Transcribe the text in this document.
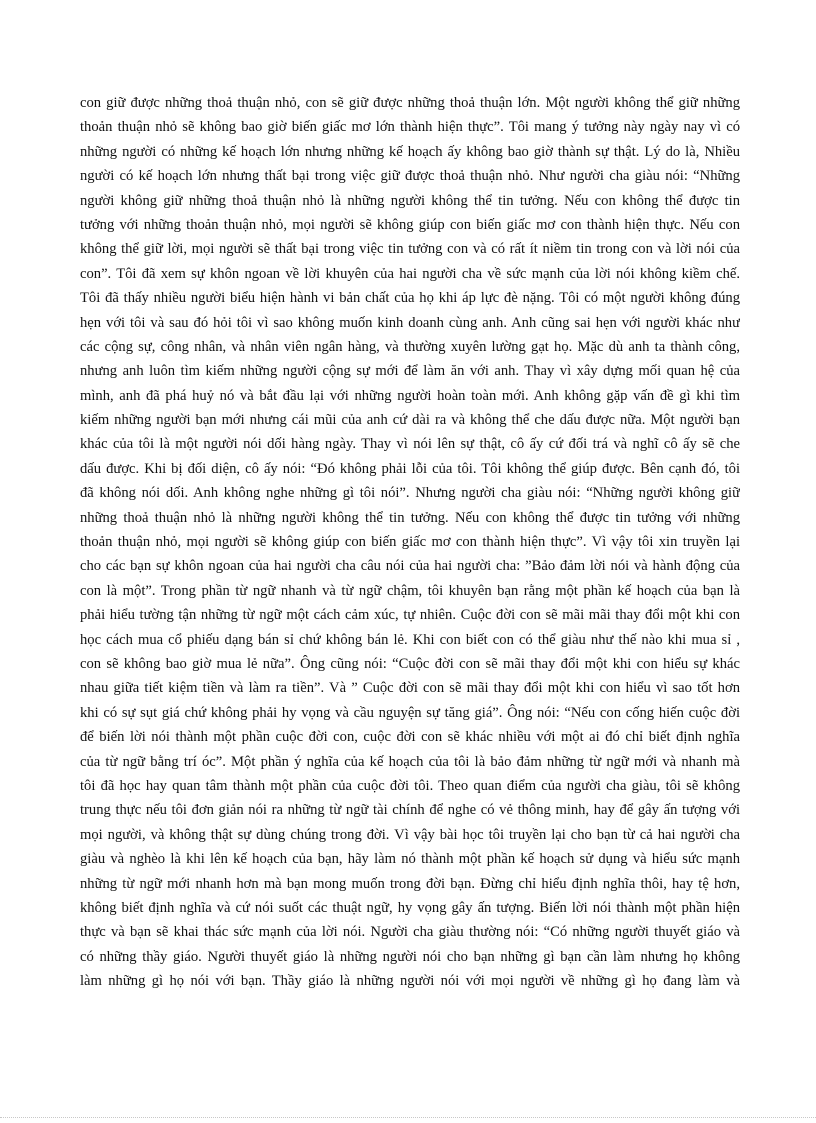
con giữ được những thoả thuận nhỏ, con sẽ giữ được những thoả thuận lớn. Một người không thể giữ những
thoản thuận nhỏ sẽ không bao giờ biến giấc mơ lớn thành hiện thực”. Tôi mang ý tưởng này ngày nay vì có
những người có những kế hoạch lớn nhưng những kế hoạch ấy không bao giờ thành sự thật. Lý do là, Nhiều
người có kế hoạch lớn nhưng thất bại trong việc giữ được thoả thuận nhỏ. Như người cha giàu nói: “Những
người không giữ những thoả thuận nhỏ là những người không thể tin tưởng. Nếu con không thể được tin
tưởng với những thoản thuận nhỏ, mọi người sẽ không giúp con biến giấc mơ con thành hiện thực. Nếu con
không thể giữ lời, mọi người sẽ thất bại trong việc tin tưởng con và có rất ít niềm tin trong con và lời nói của
con”. Tôi đã xem sự khôn ngoan về lời khuyên của hai người cha về sức mạnh của lời nói không kiềm chế.
Tôi đã thấy nhiều người biểu hiện hành vi bản chất của họ khi áp lực đè nặng. Tôi có một người không đúng
hẹn với tôi và sau đó hỏi tôi vì sao không muốn kinh doanh cùng anh. Anh cũng sai hẹn với người khác như
các cộng sự, công nhân, và nhân viên ngân hàng, và thường xuyên lường gạt họ. Mặc dù anh ta thành công,
nhưng anh luôn tìm kiếm những người cộng sự mới để làm ăn với anh. Thay vì xây dựng mối quan hệ của
mình, anh đã phá huỷ nó và bắt đầu lại với những người hoàn toàn mới. Anh không gặp vấn đề gì khi tìm
kiếm những người bạn mới nhưng cái mũi của anh cứ dài ra và không thể che dấu được nữa. Một người bạn
khác của tôi là một người nói dối hàng ngày. Thay vì nói lên sự thật, cô ấy cứ đối trá và nghĩ cô ấy sẽ che
dấu được. Khi bị đối diện, cô ấy nói: “Đó không phải lỗi của tôi. Tôi không thể giúp được. Bên cạnh đó, tôi
đã không nói dối. Anh không nghe những gì tôi nói”. Nhưng người cha giàu nói: “Những người không giữ
những thoả thuận nhỏ là những người không thể tin tưởng. Nếu con không thể được tin tưởng với những
thoản thuận nhỏ, mọi người sẽ không giúp con biến giấc mơ con thành hiện thực”. Vì vậy tôi xin truyền lại
cho các bạn sự khôn ngoan của hai người cha câu nói của hai người cha: ”Bảo đảm lời nói và hành động của
con là một”. Trong phần từ ngữ nhanh và từ ngữ chậm, tôi khuyên bạn rằng một phần kế hoạch của bạn là
phải hiểu tường tận những từ ngữ một cách cảm xúc, tự nhiên. Cuộc đời con sẽ mãi mãi thay đổi một khi con
học cách mua cổ phiếu dạng bán sỉ chứ không bán lẻ. Khi con biết con có thể giàu như thế nào khi mua sỉ ,
con sẽ không bao giờ mua lẻ nữa”. Ông cũng nói: “Cuộc đời con sẽ mãi thay đổi một khi con hiểu sự khác
nhau giữa tiết kiệm tiền và làm ra tiền”. Và ” Cuộc đời con sẽ mãi thay đổi một khi con hiểu vì sao tốt hơn
khi có sự sụt giá chứ không phải hy vọng và cầu nguyện sự tăng giá”. Ông nói: “Nếu con cống hiến cuộc đời
để biến lời nói thành một phần cuộc đời con, cuộc đời con sẽ khác nhiều với một ai đó chỉ biết định nghĩa
của từ ngữ bằng trí óc”. Một phần ý nghĩa của kế hoạch của tôi là bảo đảm những từ ngữ mới và nhanh mà
tôi đã học hay quan tâm thành một phần của cuộc đời tôi. Theo quan điểm của người cha giàu, tôi sẽ không
trung thực nếu tôi đơn giản nói ra những từ ngữ tài chính để nghe có vẻ thông minh, hay để gây ấn tượng với
mọi người, và không thật sự dùng chúng trong đời. Vì vậy bài học tôi truyền lại cho bạn từ cả hai người cha
giàu và nghèo là khi lên kế hoạch của bạn, hãy làm nó thành một phần kế hoạch sử dụng và hiểu sức mạnh
những từ ngữ mới nhanh hơn mà bạn mong muốn trong đời bạn. Đừng chỉ hiểu định nghĩa thôi, hay tệ hơn,
không biết định nghĩa và cứ nói suốt các thuật ngữ, hy vọng gây ấn tượng. Biến lời nói thành một phần hiện
thực và bạn sẽ khai thác sức mạnh của lời nói. Người cha giàu thường nói: “Có những người thuyết giáo và
có những thầy giáo. Người thuyết giáo là những người nói cho bạn những gì bạn cần làm nhưng họ không
làm những gì họ nói với bạn. Thầy giáo là những người nói với mọi người về những gì họ đang làm và
